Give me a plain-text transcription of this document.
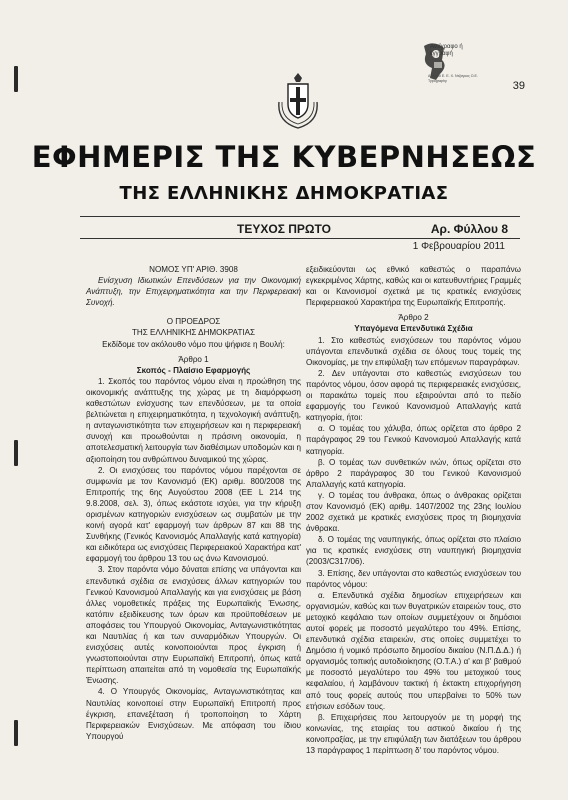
Αντίγραφο ή
εγγραφή
Αδελφοί Ε. Ε. Χ. Ντζαγκος Ο.Ε. Typography	39
ΕΦΗΜΕΡΙΣ ΤΗΣ ΚΥΒΕΡΝΗΣΕΩΣ
ΤΗΣ ΕΛΛΗΝΙΚΗΣ ΔΗΜΟΚΡΑΤΙΑΣ
ΤΕΥΧΟΣ ΠΡΩΤΟ	Αρ. Φύλλου 8
1 Φεβρουαρίου 2011

ΝΟΜΟΣ ΥΠ' ΑΡΙΘ. 3908

Ενίσχυση Ιδιωτικών Επενδύσεων για την Οικονομική Ανάπτυξη, την Επιχειρηματικότητα και την Περιφερειακή Συνοχή.

Ο ΠΡΟΕΔΡΟΣ

ΤΗΣ ΕΛΛΗΝΙΚΗΣ ΔΗΜΟΚΡΑΤΙΑΣ

Εκδίδομε τον ακόλουθο νόμο που ψήφισε η Βουλή:

Άρθρο 1

Σκοπός - Πλαίσιο Εφαρμογής

1. Σκοπός του παρόντος νόμου είναι η προώθηση της οικονομικής ανάπτυξης της χώρας με τη διαμόρφωση καθεστώτων ενίσχυσης των επενδύσεων, με τα οποία βελτιώνεται η επιχειρηματικότητα, η τεχνολογική ανάπτυξη, η ανταγωνιστικότητα των επιχειρήσεων και η περιφερειακή συνοχή και προωθούνται η πράσινη οικονομία, η αποτελεσματική λειτουργία των διαθέσιμων υποδομών και η αξιοποίηση του ανθρώπινου δυναμικού της χώρας.

2. Οι ενισχύσεις του παρόντος νόμου παρέχονται σε συμφωνία με τον Κανονισμό (ΕΚ) αριθμ. 800/2008 της Επιτροπής της 6ης Αυγούστου 2008 (EE L 214 της 9.8.2008, σελ. 3), όπως εκάστοτε ισχύει, για την κήρυξη ορισμένων κατηγοριών ενισχύσεων ως συμβατών με την κοινή αγορά κατ' εφαρμογή των άρθρων 87 και 88 της Συνθήκης (Γενικός Κανονισμός Απαλλαγής κατά κατηγορία) και ειδικότερα ως ενισχύσεις Περιφερειακού Χαρακτήρα κατ' εφαρμογή του άρθρου 13 του ως άνω Κανονισμού.

3. Στον παρόντα νόμο δύναται επίσης να υπάγονται και επενδυτικά σχέδια σε ενισχύσεις άλλων κατηγοριών του Γενικού Κανονισμού Απαλλαγής και για ενισχύσεις με βάση άλλες νομοθετικές πράξεις της Ευρωπαϊκής Ένωσης, κατόπιν εξειδίκευσης των όρων και προϋποθέσεων με αποφάσεις του Υπουργού Οικονομίας, Ανταγωνιστικότητας και Ναυτιλίας ή και των συναρμόδιων Υπουργών. Οι ενισχύσεις αυτές κοινοποιούνται προς έγκριση ή γνωστοποιούνται στην Ευρωπαϊκή Επιτροπή, όπως κατά περίπτωση απαιτείται από τη νομοθεσία της Ευρωπαϊκής Ένωσης.

4. Ο Υπουργός Οικονομίας, Ανταγωνιστικότητας και Ναυτιλίας κοινοποιεί στην Ευρωπαϊκή Επιτροπή προς έγκριση, επανεξέταση ή τροποποίηση το Χάρτη Περιφερειακών Ενισχύσεων. Με απόφαση του ίδιου Υπουργού

εξειδικεύονται ως εθνικό καθεστώς ο παραπάνω εγκεκριμένος Χάρτης, καθώς και οι κατευθυντήριες Γραμμές και οι Κανονισμοί σχετικά με τις κρατικές ενισχύσεις Περιφερειακού Χαρακτήρα της Ευρωπαϊκής Επιτροπής.

Άρθρο 2

Υπαγόμενα Επενδυτικά Σχέδια

1. Στο καθεστώς ενισχύσεων του παρόντος νόμου υπάγονται επενδυτικά σχέδια σε όλους τους τομείς της Οικονομίας, με την επιφύλαξη των επόμενων παραγράφων.

2. Δεν υπάγονται στο καθεστώς ενισχύσεων του παρόντος νόμου, όσον αφορά τις περιφερειακές ενισχύσεις, οι παρακάτω τομείς που εξαιρούνται από το πεδίο εφαρμογής του Γενικού Κανονισμού Απαλλαγής κατά κατηγορία, ήτοι:

α. Ο τομέας του χάλυβα, όπως ορίζεται στο άρθρο 2 παράγραφος 29 του Γενικού Κανονισμού Απαλλαγής κατά κατηγορία.

β. Ο τομέας των συνθετικών ινών, όπως ορίζεται στο άρθρο 2 παράγραφος 30 του Γενικού Κανονισμού Απαλλαγής κατά κατηγορία.

γ. Ο τομέας του άνθρακα, όπως ο άνθρακας ορίζεται στον Κανονισμό (ΕΚ) αριθμ. 1407/2002 της 23ης Ιουλίου 2002 σχετικά με κρατικές ενισχύσεις προς τη βιομηχανία άνθρακα.

δ. Ο τομέας της ναυπηγικής, όπως ορίζεται στο πλαίσιο για τις κρατικές ενισχύσεις στη ναυπηγική βιομηχανία (2003/C317/06).

3. Επίσης, δεν υπάγονται στο καθεστώς ενισχύσεων του παρόντος νόμου:

α. Επενδυτικά σχέδια δημοσίων επιχειρήσεων και οργανισμών, καθώς και των θυγατρικών εταιρειών τους, στο μετοχικό κεφάλαιο των οποίων συμμετέχουν οι δημόσιοι αυτοί φορείς με ποσοστό μεγαλύτερο του 49%. Επίσης, επενδυτικά σχέδια εταιρειών, στις οποίες συμμετέχει το Δημόσιο ή νομικό πρόσωπο δημοσίου δικαίου (Ν.Π.Δ.Δ.) ή οργανισμός τοπικής αυτοδιοίκησης (Ο.Τ.Α.) α' και β' βαθμού με ποσοστό μεγαλύτερο του 49% του μετοχικού τους κεφαλαίου, ή λαμβάνουν τακτική ή έκτακτη επιχορήγηση από τους φορείς αυτούς που υπερβαίνει το 50% των ετήσιων εσόδων τους.

β. Επιχειρήσεις που λειτουργούν με τη μορφή της κοινωνίας, της εταιρίας του αστικού δικαίου ή της κοινοπραξίας, με την επιφύλαξη των διατάξεων του άρθρου 13 παράγραφος 1 περίπτωση δ' του παρόντος νόμου.
